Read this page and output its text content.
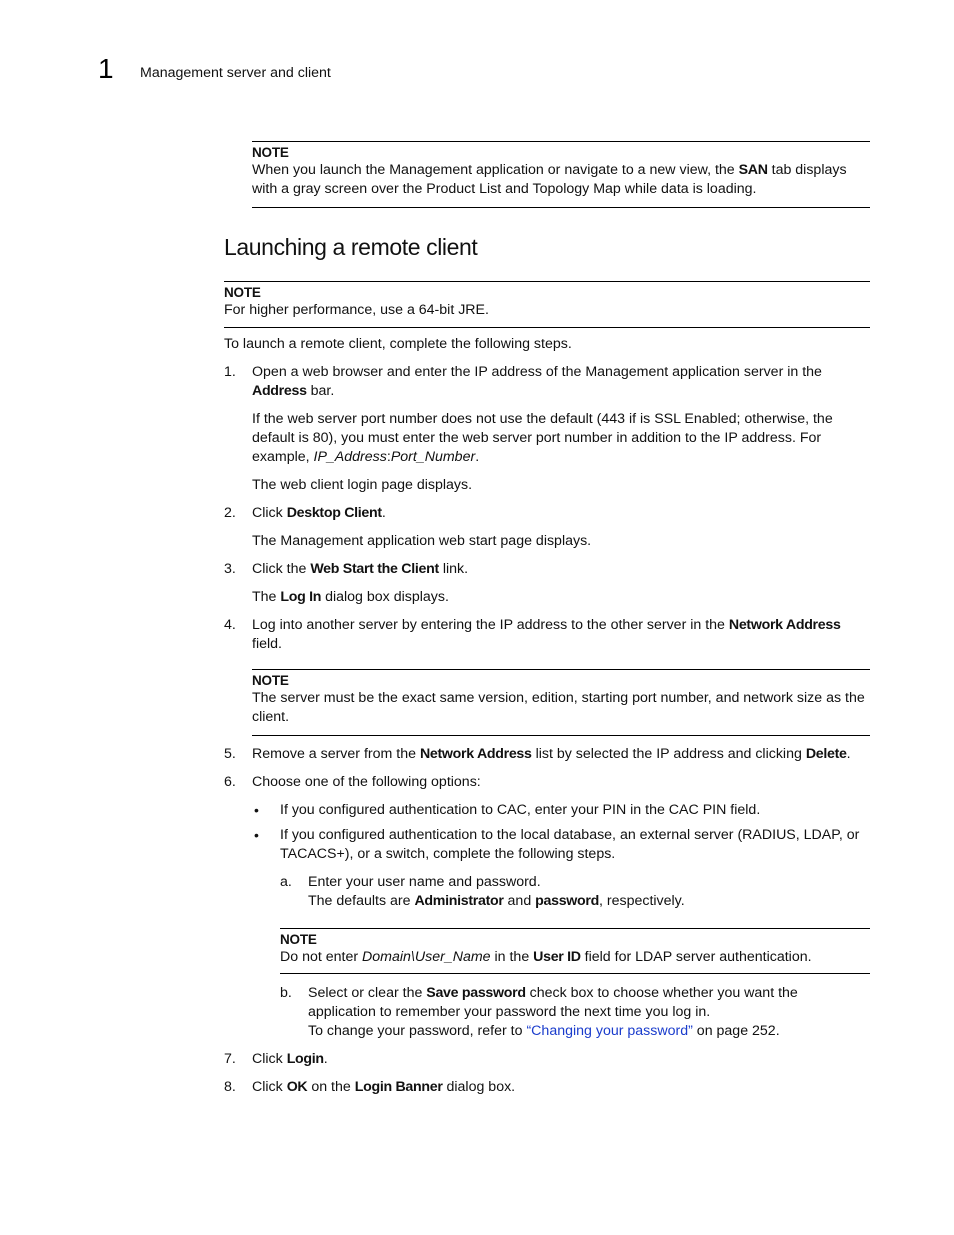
1 Management server and client
NOTE
When you launch the Management application or navigate to a new view, the SAN tab displays with a gray screen over the Product List and Topology Map while data is loading.
Launching a remote client
NOTE
For higher performance, use a 64-bit JRE.
To launch a remote client, complete the following steps.
1.	Open a web browser and enter the IP address of the Management application server in the Address bar.
If the web server port number does not use the default (443 if is SSL Enabled; otherwise, the default is 80), you must enter the web server port number in addition to the IP address. For example, IP_Address:Port_Number.
The web client login page displays.
2.	Click Desktop Client.
The Management application web start page displays.
3.	Click the Web Start the Client link.
The Log In dialog box displays.
4.	Log into another server by entering the IP address to the other server in the Network Address field.
NOTE
The server must be the exact same version, edition, starting port number, and network size as the client.
5.	Remove a server from the Network Address list by selected the IP address and clicking Delete.
6.	Choose one of the following options:
• If you configured authentication to CAC, enter your PIN in the CAC PIN field.
• If you configured authentication to the local database, an external server (RADIUS, LDAP, or TACACS+), or a switch, complete the following steps.
a. Enter your user name and password.
The defaults are Administrator and password, respectively.
NOTE
Do not enter Domain\User_Name in the User ID field for LDAP server authentication.
b. Select or clear the Save password check box to choose whether you want the application to remember your password the next time you log in.
To change your password, refer to “Changing your password” on page 252.
7.	Click Login.
8.	Click OK on the Login Banner dialog box.
